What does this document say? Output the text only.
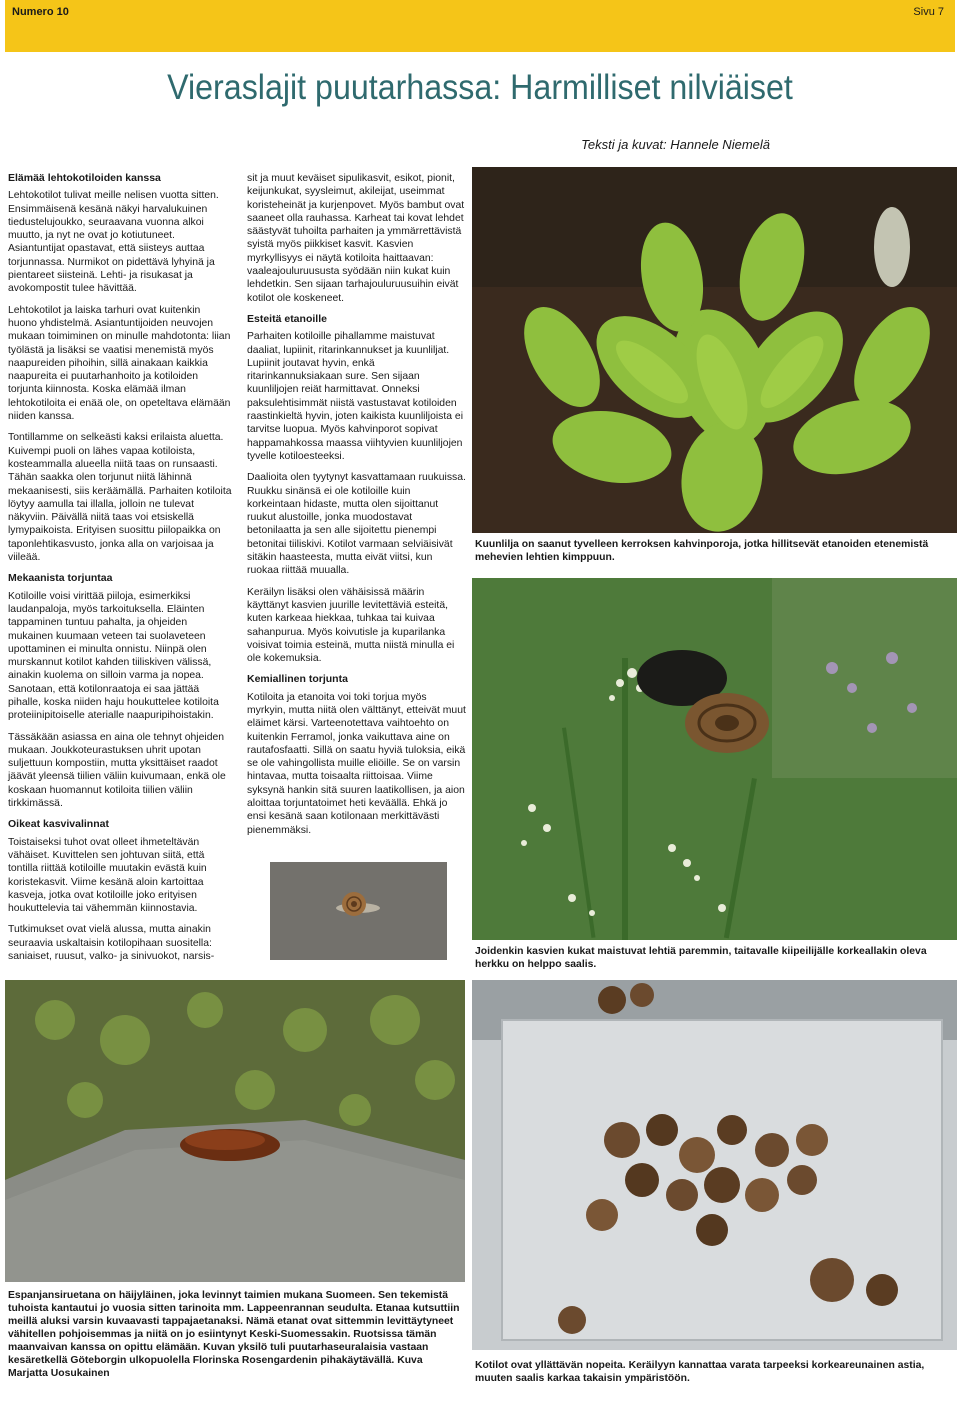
Numero 10	Sivu 7
Vieraslajit puutarhassa: Harmilliset nilviäiset
Teksti ja kuvat: Hannele Niemelä
Elämää lehtokotiloiden kanssa

Lehtokotilot tulivat meille nelisen vuotta sitten. Ensimmäisenä kesänä näkyi harvalukuinen tiedustelujoukko, seuraavana vuonna alkoi muutto, ja nyt ne ovat jo kotiutuneet. Asiantuntijat opastavat, että siisteys auttaa torjunnassa. Nurmikot on pidettävä lyhyinä ja pientareet siisteinä. Lehti- ja risukasat ja avokompostit tulee hävittää.

Lehtokotilot ja laiska tarhuri ovat kuitenkin huono yhdistelmä. Asiantuntijoiden neuvojen mukaan toimiminen on minulle mahdotonta: liian työlästä ja lisäksi se vaatisi menemistä myös naapureiden pihoihin, sillä ainakaan kaikkia naapureita ei puutarhanhoito ja kotiloiden torjunta kiinnosta. Koska elämää ilman lehtokotiloita ei enää ole, on opeteltava elämään niiden kanssa.

Tontillamme on selkeästi kaksi erilaista aluetta. Kuivempi puoli on lähes vapaa kotiloista, kosteammalla alueella niitä taas on runsaasti. Tähän saakka olen torjunut niitä lähinnä mekaanisesti, siis keräämällä. Parhaiten kotiloita löytyy aamulla tai illalla, jolloin ne tulevat näkyviin. Päivällä niitä taas voi etsiskellä lymypaikoista. Erityisen suosittu piilopaikka on taponlehtikasvusto, jonka alla on varjoisaa ja viileää.

Mekaanista torjuntaa

Kotiloille voisi virittää piiloja, esimerkiksi laudanpaloja, myös tarkoituksella. Eläinten tappaminen tuntuu pahalta, ja ohjeiden mukainen kuumaan veteen tai suolaveteen upottaminen ei minulta onnistu. Niinpä olen murskannut kotilot kahden tiiliskiven välissä, ainakin kuolema on silloin varma ja nopea. Sanotaan, että kotilonraatoja ei saa jättää pihalle, koska niiden haju houkuttelee kotiloita proteiinipitoiselle aterialle naapuripihoistakin.

Tässäkään asiassa en aina ole tehnyt ohjeiden mukaan. Joukkoteurastuksen uhrit upotan suljettuun kompostiin, mutta yksittäiset raadot jäävät yleensä tiilien väliin kuivumaan, enkä ole koskaan huomannut kotiloita tiilien väliin tirkkimässä.

Oikeat kasvivalinnat

Toistaiseksi tuhot ovat olleet ihmeteltävän vähäiset. Kuvittelen sen johtuvan siitä, että tontilla riittää kotiloille muutakin evästä kuin koristekasvit. Viime kesänä aloin kartoittaa kasveja, jotka ovat kotiloille joko erityisen houkuttelevia tai vähemmän kiinnostavia.

Tutkimukset ovat vielä alussa, mutta ainakin seuraavia uskaltaisin kotilopihaan suositella: saniaiset, ruusut, valko- ja sinivuokot, narsis-

sit ja muut keväiset sipulikasvit, esikot, pionit, keijunkukat, syysleimut, akileijat, useimmat koristeheinät ja kurjenpovet. Myös bambut ovat saaneet olla rauhassa. Karheat tai kovat lehdet säästyvät tuhoilta parhaiten ja ymmärrettävistä syistä myös piikkiset kasvit. Kasvien myrkyllisyys ei näytä kotiloita haittaavan: vaaleajouluruususta syödään niin kukat kuin lehdetkin. Sen sijaan tarhajouluruusuihin eivät kotilot ole koskeneet.

Esteitä etanoille

Parhaiten kotiloille pihallamme maistuvat daaliat, lupiinit, ritarinkannukset ja kuunliljat. Lupiinit joutavat hyvin, enkä ritarinkannuksiakaan sure. Sen sijaan kuunliljojen reiät harmittavat. Onneksi paksulehtisimmät niistä vastustavat kotiloiden raastinkieltä hyvin, joten kaikista kuunliljoista ei tarvitse luopua. Myös kahvinporot sopivat happamahkossa maassa viihtyvien kuunliljojen tyvelle kotiloesteeksi.

Daalioita olen tyytynyt kasvattamaan ruukuissa. Ruukku sinänsä ei ole kotiloille kuin korkeintaan hidaste, mutta olen sijoittanut ruukut alustoille, jonka muodostavat betonilaatta ja sen alle sijoitettu pienempi betonitai tiiliskivi. Kotilot varmaan selviäisivät sitäkin haasteesta, mutta eivät viitsi, kun ruokaa riittää muualla.

Keräilyn lisäksi olen vähäisissä määrin käyttänyt kasvien juurille levitettäviä esteitä, kuten karkeaa hiekkaa, tuhkaa tai kuivaa sahanpurua. Myös koivutisle ja kuparilanka voisivat toimia esteinä, mutta niistä minulla ei ole kokemuksia.

Kemiallinen torjunta

Kotiloita ja etanoita voi toki torjua myös myrkyin, mutta niitä olen välttänyt, etteivät muut eläimet kärsi. Varteenotettava vaihtoehto on kuitenkin Ferramol, jonka vaikuttava aine on rautafosfaatti. Sillä on saatu hyviä tuloksia, eikä se ole vahingollista muille eliöille. Se on varsin hintavaa, mutta toisaalta riittoisaa. Viime syksynä hankin sitä suuren laatikollisen, ja aion aloittaa torjuntatoimet heti keväällä. Ehkä jo ensi kesänä saan kotilonaan merkittävästi pienemmäksi.

Kuunlilja on saanut tyvelleen kerroksen kahvinporoja, jotka hillitsevät etanoiden etenemistä mehevien lehtien kimppuun.
Joidenkin kasvien kukat maistuvat lehtiä paremmin, taitavalle kiipeilijälle korkeallakin oleva herkku on helppo saalis.
Espanjansiruetana on häijyläinen, joka levinnyt taimien mukana Suomeen. Sen tekemistä tuhoista kantautui jo vuosia sitten tarinoita mm. Lappeenrannan seudulta. Etanaa kutsuttiin meillä aluksi varsin kuvaavasti tappajaetanaksi. Nämä etanat ovat sittemmin levittäytyneet vähitellen pohjoisemmas ja niitä on jo esiintynyt Keski-Suomessakin. Ruotsissa tämän maanvaivan kanssa on opittu elämään. Kuvan yksilö tuli puutarhaseuralaisia vastaan kesäretkellä Göteborgin ulkopuolella Florinska Rosengardenin pihakäytävällä. Kuva Marjatta Uosukainen
Kotilot ovat yllättävän nopeita. Keräilyyn kannattaa varata tarpeeksi korkeareunainen astia, muuten saalis karkaa takaisin ympäristöön.
